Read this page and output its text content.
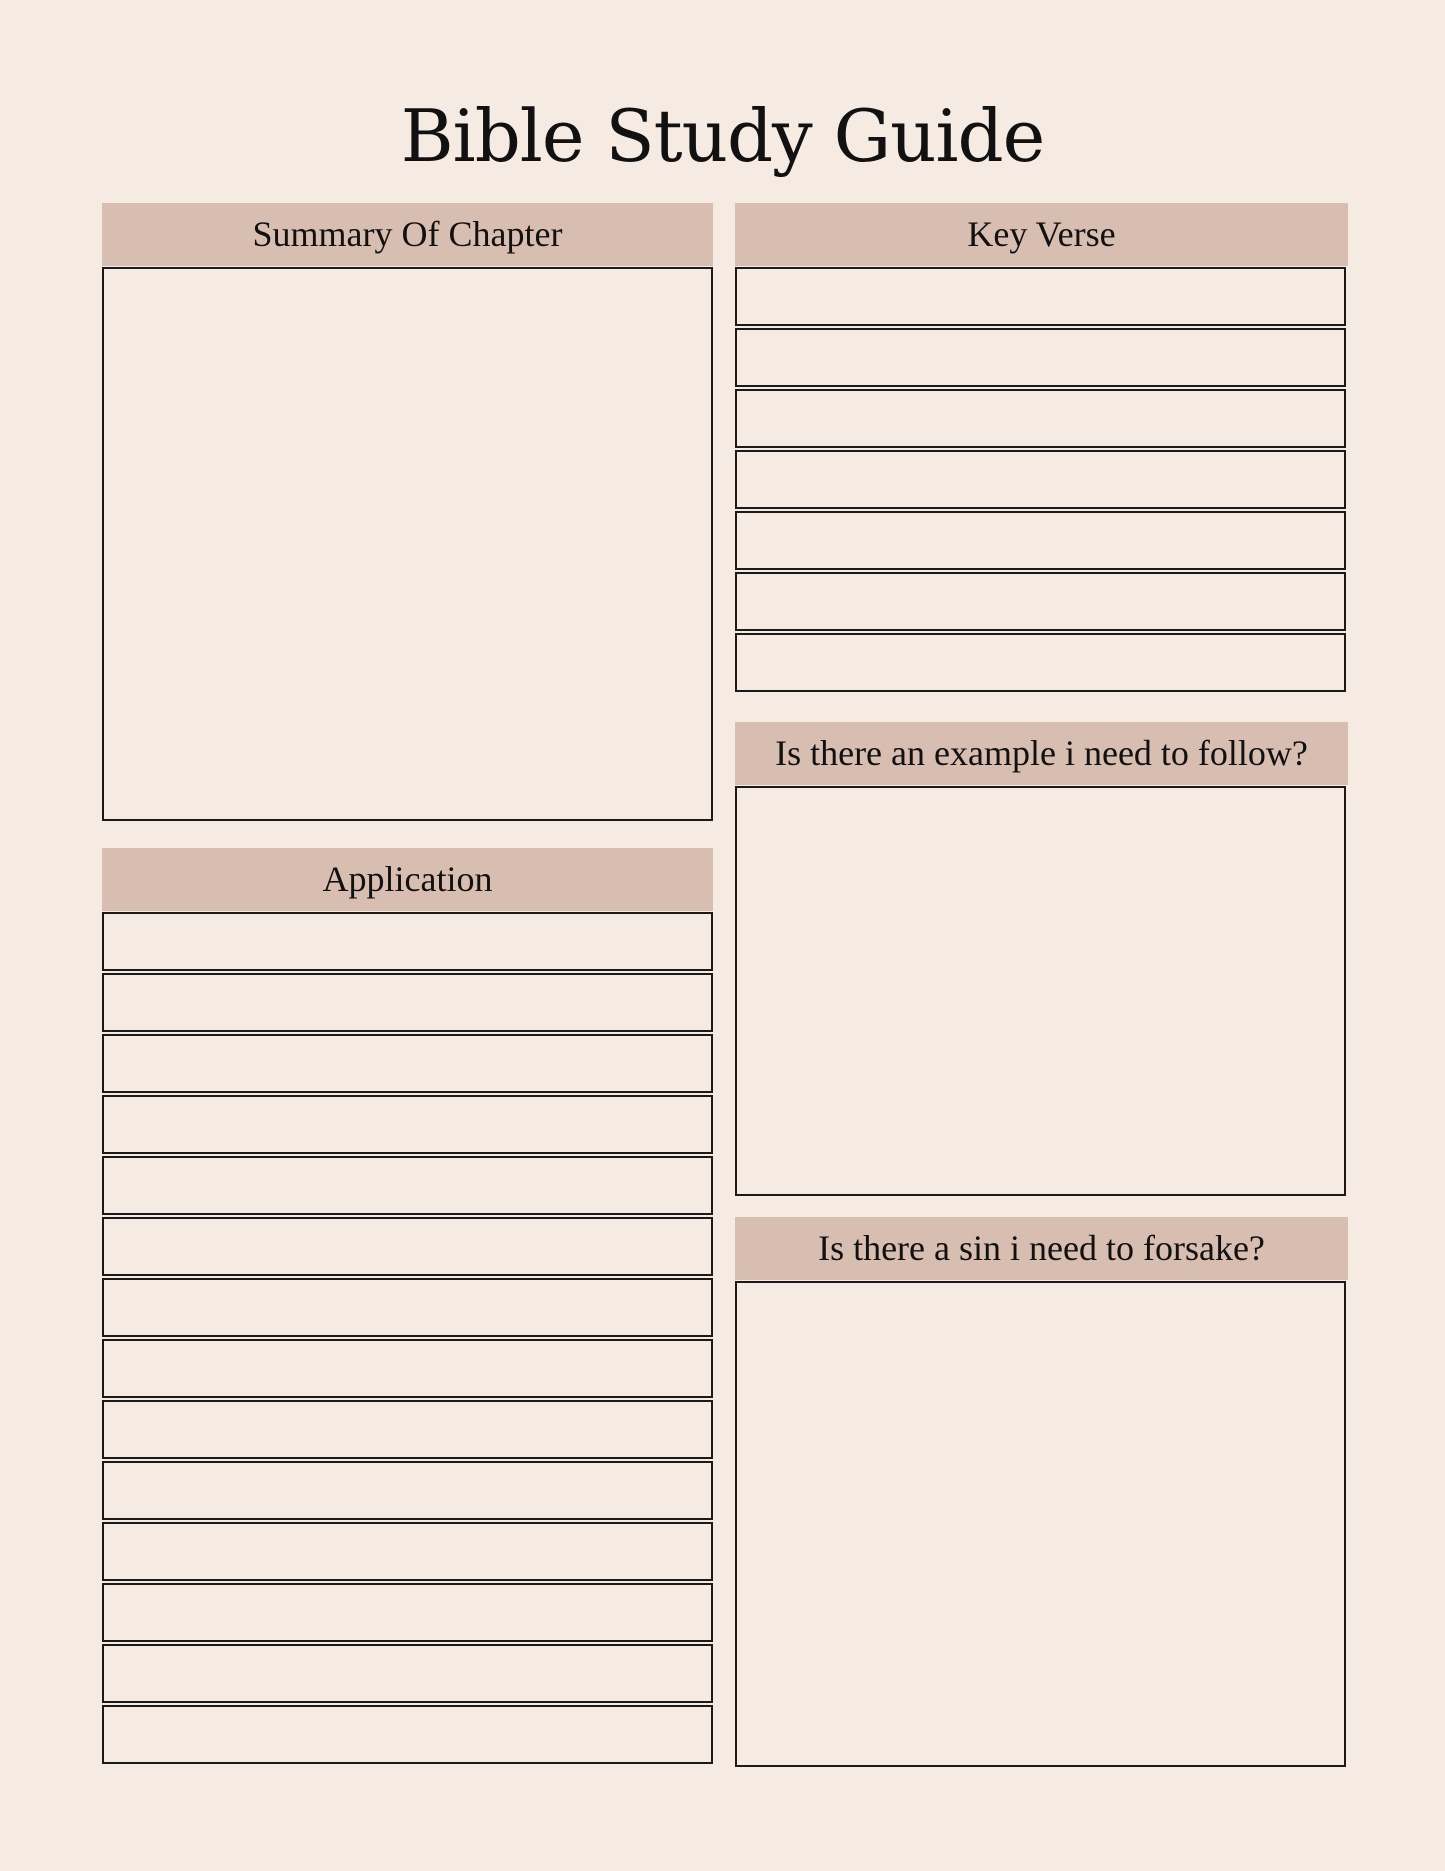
Bible Study Guide
Summary Of Chapter	Key Verse
Application
Is there an example i need to follow?
Is there a sin i need to forsake?
